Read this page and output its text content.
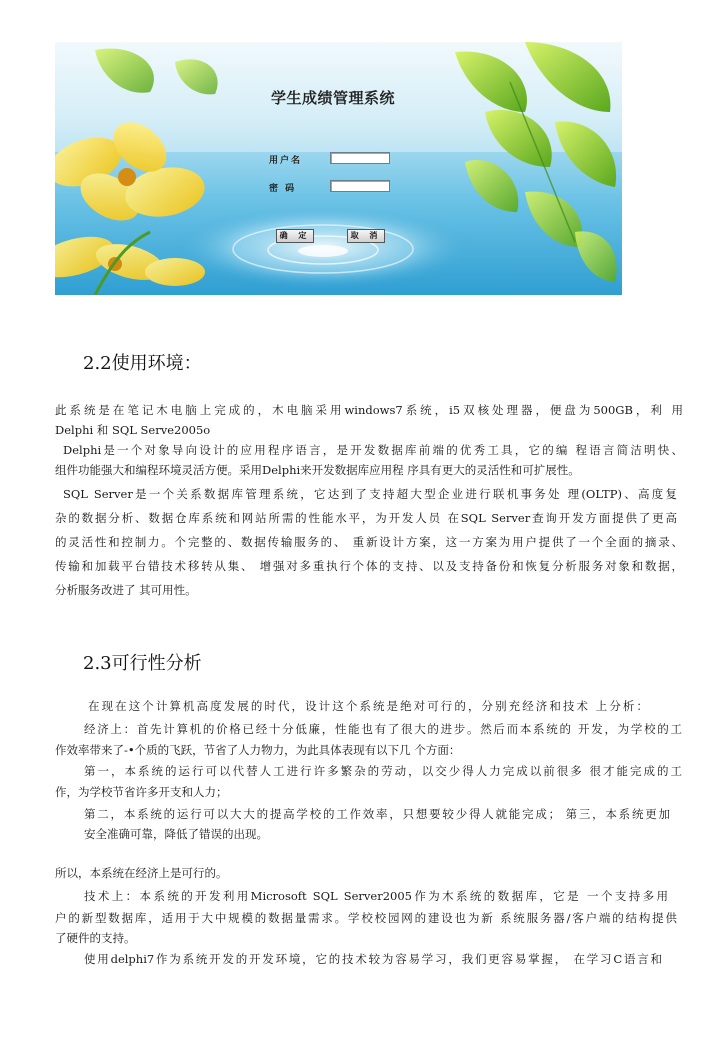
学生成绩管理系统
用户名
密 码
确 定	取 消
2.2使用环境：

此系统是在笔记木电脑上完成的，木电脑采用windows7系统，i5双核处理器，便盘为500GB，利 用

Delphi 和 SQL Serve2005o

Delphi是一个对象导向设计的应用程序语言，是开发数据库前端的优秀工具，它的编 程语言简洁明快、

组件功能强大和编程环境灵活方便。采用Delphi来开发数据库应用程 序具有更大的灵活性和可扩展性。

SQL Server是一个关系数据库管理系统，它达到了支持超大型企业进行联机事务处 理(OLTP)、高度复

杂的数据分析、数据仓库系统和网站所需的性能水平，为开发人员 在SQL Server查询开发方面提供了更高

的灵活性和控制力。个完整的、数据传输服务的、 重新设计方案，这一方案为用户提供了一个全面的摘录、

传输和加载平台错技术移转从集、 增强对多重执行个体的支持、以及支持备份和恢复分析服务对象和数据，

分析服务改进了 其可用性。

2.3可行性分析

在现在这个计算机高度发展的时代，设计这个系统是绝对可行的，分别充经济和技术 上分析：

经济上：首先计算机的价格已经十分低廉，性能也有了很大的进步。然后而本系统的 开发，为学校的工

作效率带来了-•个质的飞跃，节省了人力物力，为此具体表现有以下几 个方面：

第一，本系统的运行可以代替人工进行许多繁杂的劳动，以交少得人力完成以前很多 很才能完成的工

作，为学校节省许多开支和人力；

第二，本系统的运行可以大大的提高学校的工作效率，只想要较少得人就能完成； 第三，本系统更加

安全准确可靠，降低了错误的出现。

所以，本系统在经济上是可行的。

技术上：本系统的开发利用Microsoft SQL Server2005作为木系统的数据库，它是 一个支持多用

户的新型数据库，适用于大中规模的数据量需求。学校校园网的建设也为新 系统服务器/客户端的结构提供

了硬件的支持。

使用delphi7作为系统开发的开发环境，它的技术较为容易学习，我们更容易掌握， 在学习C语言和
